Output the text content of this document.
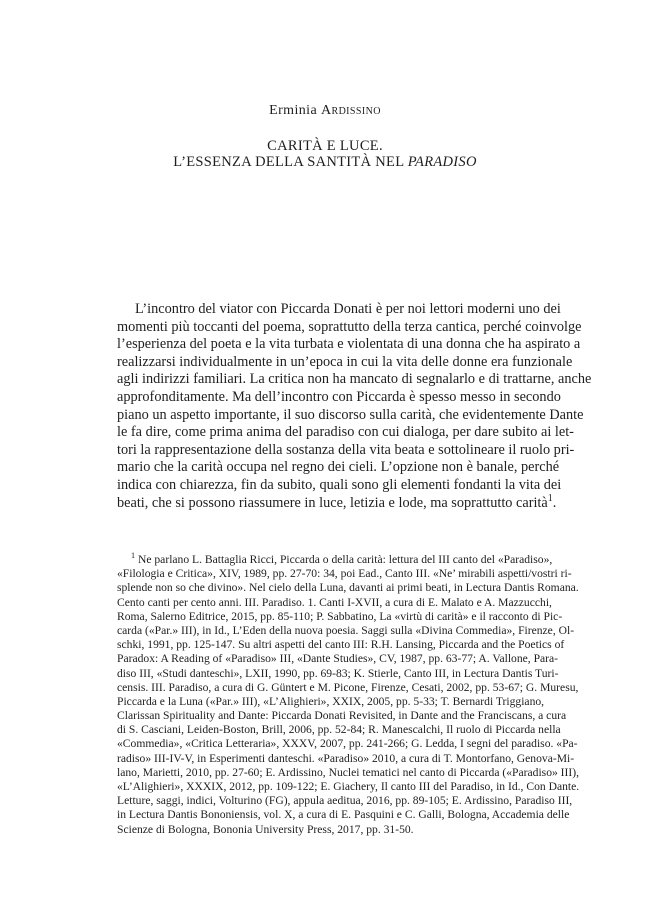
Erminia Ardissino
CARITÀ E LUCE.
L’ESSENZA DELLA SANTITÀ NEL PARADISO
L’incontro del viator con Piccarda Donati è per noi lettori moderni uno dei
momenti più toccanti del poema, soprattutto della terza cantica, perché coinvolge
l’esperienza del poeta e la vita turbata e violentata di una donna che ha aspirato a
realizzarsi individualmente in un’epoca in cui la vita delle donne era funzionale
agli indirizzi familiari. La critica non ha mancato di segnalarlo e di trattarne, anche
approfonditamente. Ma dell’incontro con Piccarda è spesso messo in secondo
piano un aspetto importante, il suo discorso sulla carità, che evidentemente Dante
le fa dire, come prima anima del paradiso con cui dialoga, per dare subito ai let-
tori la rappresentazione della sostanza della vita beata e sottolineare il ruolo pri-
mario che la carità occupa nel regno dei cieli. L’opzione non è banale, perché
indica con chiarezza, fin da subito, quali sono gli elementi fondanti la vita dei
beati, che si possono riassumere in luce, letizia e lode, ma soprattutto carità$^1$.
$^1$ Ne parlano L. Battaglia Ricci, Piccarda o della carità: lettura del III canto del «Paradiso»,
«Filologia e Critica», XIV, 1989, pp. 27-70: 34, poi Ead., Canto III. «Ne’ mirabili aspetti/vostri ri-
splende non so che divino». Nel cielo della Luna, davanti ai primi beati, in Lectura Dantis Romana.
Cento canti per cento anni. III. Paradiso. 1. Canti I-XVII, a cura di E. Malato e A. Mazzucchi,
Roma, Salerno Editrice, 2015, pp. 85-110; P. Sabbatino, La «virtù di carità» e il racconto di Pic-
carda («Par.» III), in Id., L’Eden della nuova poesia. Saggi sulla «Divina Commedia», Firenze, Ol-
schki, 1991, pp. 125-147. Su altri aspetti del canto III: R.H. Lansing, Piccarda and the Poetics of
Paradox: A Reading of «Paradiso» III, «Dante Studies», CV, 1987, pp. 63-77; A. Vallone, Para-
diso III, «Studi danteschi», LXII, 1990, pp. 69-83; K. Stierle, Canto III, in Lectura Dantis Turi-
censis. III. Paradiso, a cura di G. Güntert e M. Picone, Firenze, Cesati, 2002, pp. 53-67; G. Muresu,
Piccarda e la Luna («Par.» III), «L’Alighieri», XXIX, 2005, pp. 5-33; T. Bernardi Triggiano,
Clarissan Spirituality and Dante: Piccarda Donati Revisited, in Dante and the Franciscans, a cura
di S. Casciani, Leiden-Boston, Brill, 2006, pp. 52-84; R. Manescalchi, Il ruolo di Piccarda nella
«Commedia», «Critica Letteraria», XXXV, 2007, pp. 241-266; G. Ledda, I segni del paradiso. «Pa-
radiso» III-IV-V, in Esperimenti danteschi. «Paradiso» 2010, a cura di T. Montorfano, Genova-Mi-
lano, Marietti, 2010, pp. 27-60; E. Ardissino, Nuclei tematici nel canto di Piccarda («Paradiso» III),
«L’Alighieri», XXXIX, 2012, pp. 109-122; E. Giachery, Il canto III del Paradiso, in Id., Con Dante.
Letture, saggi, indici, Volturino (FG), appula aeditua, 2016, pp. 89-105; E. Ardissino, Paradiso III,
in Lectura Dantis Bononiensis, vol. X, a cura di E. Pasquini e C. Galli, Bologna, Accademia delle
Scienze di Bologna, Bononia University Press, 2017, pp. 31-50.
